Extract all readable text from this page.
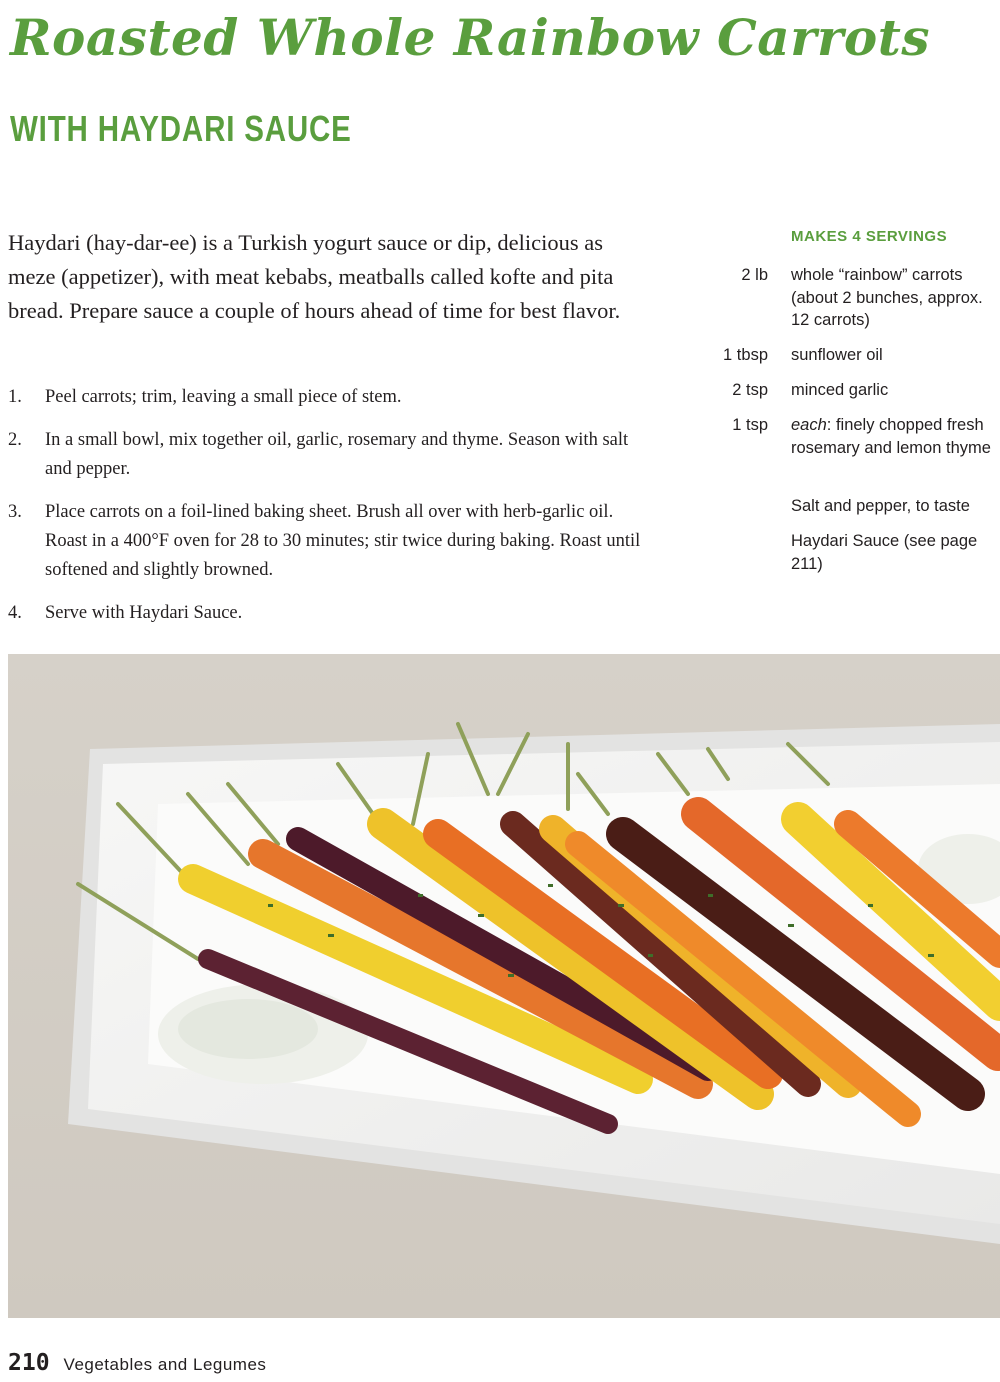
Roasted Whole Rainbow Carrots
WITH HAYDARI SAUCE

Haydari (hay-dar-ee) is a Turkish yogurt sauce or dip, delicious as meze (appetizer), with meat kebabs, meatballs called kofte and pita bread. Prepare sauce a couple of hours ahead of time for best flavor.

1. Peel carrots; trim, leaving a small piece of stem.
2. In a small bowl, mix together oil, garlic, rosemary and thyme. Season with salt and pepper.
3. Place carrots on a foil-lined baking sheet. Brush all over with herb-garlic oil. Roast in a 400°F oven for 28 to 30 minutes; stir twice during baking. Roast until softened and slightly browned.
4. Serve with Haydari Sauce.
MAKES 4 SERVINGS
2 lb whole “rainbow” carrots (about 2 bunches, approx. 12 carrots)
1 tbsp sunflower oil
2 tsp minced garlic
1 tsp each: finely chopped fresh rosemary and lemon thyme
Salt and pepper, to taste
Haydari Sauce (see page 211)
210 Vegetables and Legumes
